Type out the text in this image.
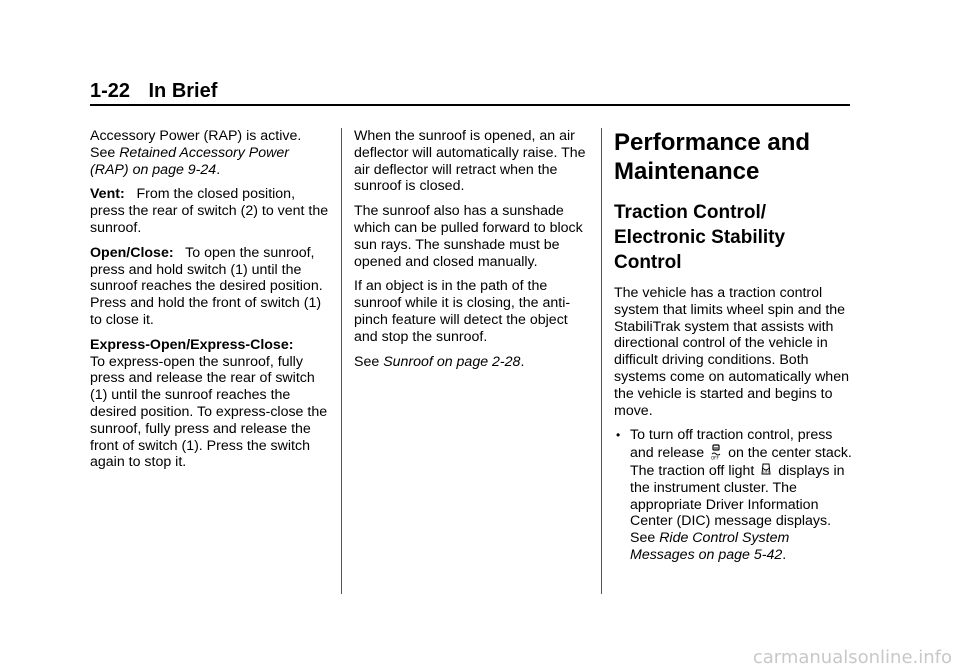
1-22 In Brief

Accessory Power (RAP) is active. See Retained Accessory Power (RAP) on page 9-24.

Vent: From the closed position, press the rear of switch (2) to vent the sunroof.

Open/Close: To open the sunroof, press and hold switch (1) until the sunroof reaches the desired position. Press and hold the front of switch (1) to close it.

Express-Open/Express-Close:
To express-open the sunroof, fully press and release the rear of switch (1) until the sunroof reaches the desired position. To express-close the sunroof, fully press and release the front of switch (1). Press the switch again to stop it.

When the sunroof is opened, an air deflector will automatically raise. The air deflector will retract when the sunroof is closed.

The sunroof also has a sunshade which can be pulled forward to block sun rays. The sunshade must be opened and closed manually.

If an object is in the path of the sunroof while it is closing, the anti-pinch feature will detect the object and stop the sunroof.

See Sunroof on page 2-28.

Performance and Maintenance
Traction Control/ Electronic Stability Control

The vehicle has a traction control system that limits wheel spin and the StabiliTrak system that assists with directional control of the vehicle in difficult driving conditions. Both systems come on automatically when the vehicle is started and begins to move.

• To turn off traction control, press and release OFF on the center stack. The traction off light	OFF displays in the instrument cluster. The appropriate Driver Information Center (DIC) message displays. See Ride Control System Messages on page 5-42.
carmanualsonline.info
